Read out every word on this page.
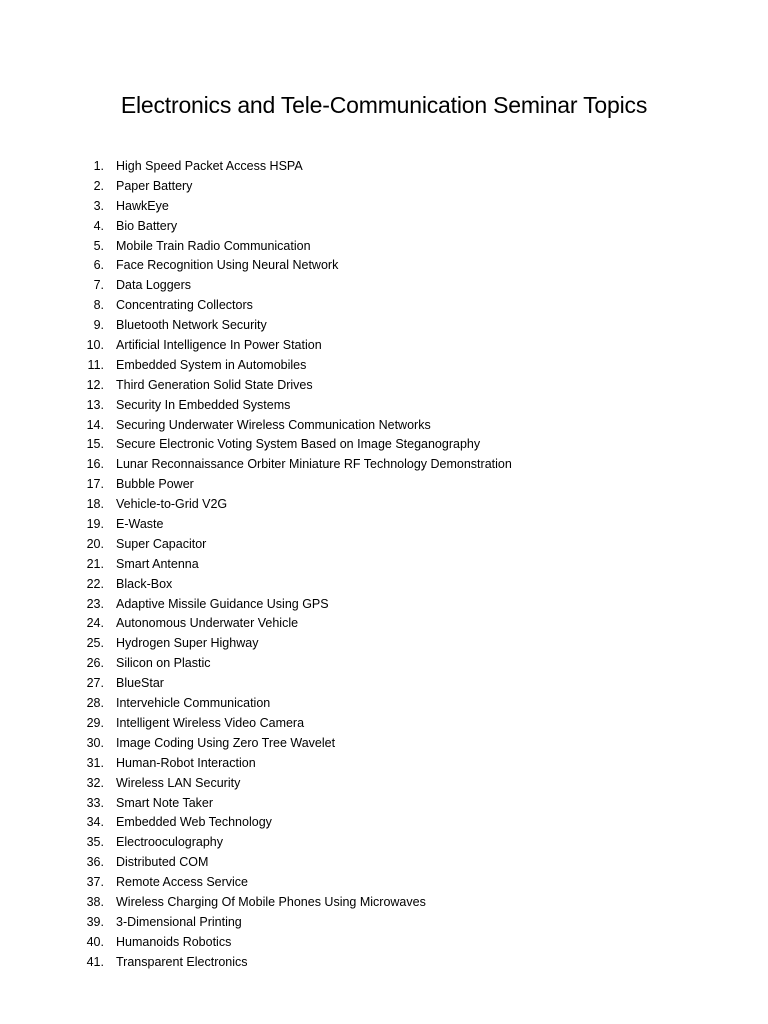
Electronics and Tele-Communication Seminar Topics
1. High Speed Packet Access HSPA
2. Paper Battery
3. HawkEye
4. Bio Battery
5. Mobile Train Radio Communication
6. Face Recognition Using Neural Network
7. Data Loggers
8. Concentrating Collectors
9. Bluetooth Network Security
10. Artificial Intelligence In Power Station
11. Embedded System in Automobiles
12. Third Generation Solid State Drives
13. Security In Embedded Systems
14. Securing Underwater Wireless Communication Networks
15. Secure Electronic Voting System Based on Image Steganography
16. Lunar Reconnaissance Orbiter Miniature RF Technology Demonstration
17. Bubble Power
18. Vehicle-to-Grid V2G
19. E-Waste
20. Super Capacitor
21. Smart Antenna
22. Black-Box
23. Adaptive Missile Guidance Using GPS
24. Autonomous Underwater Vehicle
25. Hydrogen Super Highway
26. Silicon on Plastic
27. BlueStar
28. Intervehicle Communication
29. Intelligent Wireless Video Camera
30. Image Coding Using Zero Tree Wavelet
31. Human-Robot Interaction
32. Wireless LAN Security
33. Smart Note Taker
34. Embedded Web Technology
35. Electrooculography
36. Distributed COM
37. Remote Access Service
38. Wireless Charging Of Mobile Phones Using Microwaves
39. 3-Dimensional Printing
40. Humanoids Robotics
41. Transparent Electronics
